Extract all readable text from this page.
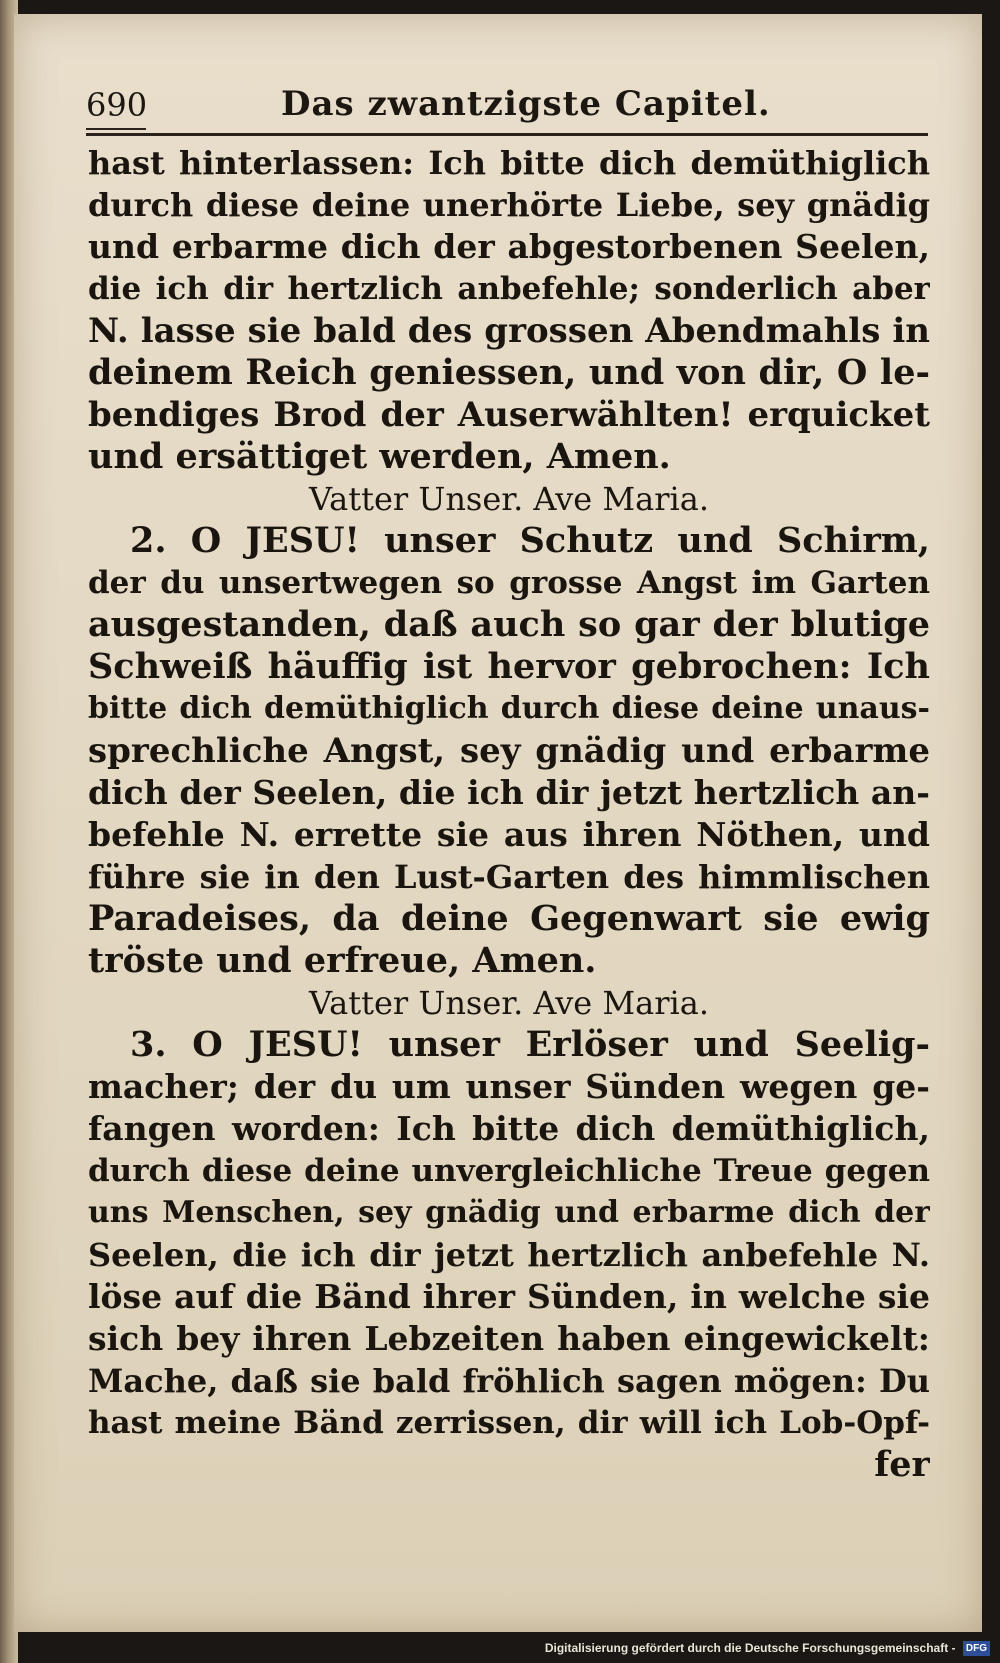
690	Das zwantzigste Capitel.
hast hinterlassen: Ich bitte dich demüthiglich
durch diese deine unerhörte Liebe, sey gnädig
und erbarme dich der abgestorbenen Seelen,
die ich dir hertzlich anbefehle; sonderlich aber
N. lasse sie bald des grossen Abendmahls in
deinem Reich geniessen, und von dir, O le-
bendiges Brod der Auserwählten! erquicket
und ersättiget werden, Amen.
Vatter Unser. Ave Maria.
2. O JESU! unser Schutz und Schirm,
der du unsertwegen so grosse Angst im Garten
ausgestanden, daß auch so gar der blutige
Schweiß häuffig ist hervor gebrochen: Ich
bitte dich demüthiglich durch diese deine unaus-
sprechliche Angst, sey gnädig und erbarme
dich der Seelen, die ich dir jetzt hertzlich an-
befehle N. errette sie aus ihren Nöthen, und
führe sie in den Lust-Garten des himmlischen
Paradeises, da deine Gegenwart sie ewig
tröste und erfreue, Amen.
Vatter Unser. Ave Maria.
3. O JESU! unser Erlöser und Seelig-
macher; der du um unser Sünden wegen ge-
fangen worden: Ich bitte dich demüthiglich,
durch diese deine unvergleichliche Treue gegen
uns Menschen, sey gnädig und erbarme dich der
Seelen, die ich dir jetzt hertzlich anbefehle N.
löse auf die Bänd ihrer Sünden, in welche sie
sich bey ihren Lebzeiten haben eingewickelt:
Mache, daß sie bald fröhlich sagen mögen: Du
hast meine Bänd zerrissen, dir will ich Lob-Opf-
fer
Digitalisierung gefördert durch die Deutsche Forschungsgemeinschaft - DFG
